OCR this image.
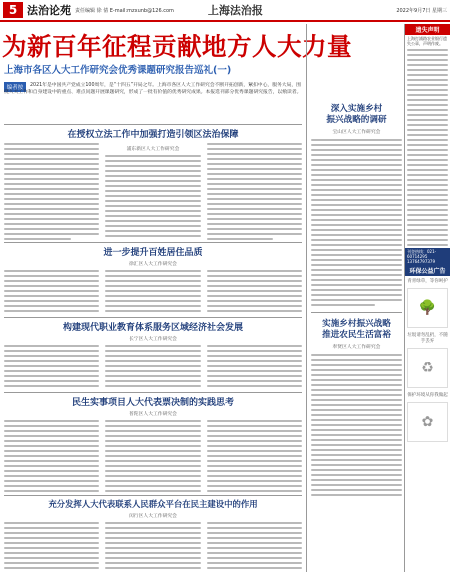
5 法治论苑 责任编辑 徐 倩 E-mail:mzxunb@126.com	上海法治报	2022年9月7日 星期三
为新百年征程贡献地方人大力量
上海市各区人大工作研究会优秀课题研究报告巡礼(一)
编者按	2021年是中国共产党成立100周年，是“十四五”开局之年。上海市各区人大工作研究会不断开拓创新，紧扣中心，服务大局，围绕人大工作和自身建设中的重点、难点问题开展课题研究，形成了一批有价值的优秀研究成果。本报选刊部分优秀课题研究报告，以飨读者。
在授权立法工作中加强打造引领区法治保障
浦东新区人大工作研究会
进一步提升百姓居住品质
徐汇区人大工作研究会
构建现代职业教育体系服务区域经济社会发展
长宁区人大工作研究会
民生实事项目人大代表票决制的实践思考
普陀区人大工作研究会
充分发挥人大代表联系人民群众平台在民主建设中的作用
闵行区人大工作研究会
深入实施乡村
振兴战略的调研
宝山区人大工作研究会
实施乡村振兴战略
推进农民生活富裕
奉贤区人大工作研究会
遗失声明
上海打浦路农业银行遗失公章，声明作废。
刊登热线：021-60714295 13764797379
环保公益广告
青青绿草，等你呵护
🌳
垃圾请勿乱扔，不随手丢弃
♻
保护环境从你我做起
✿
